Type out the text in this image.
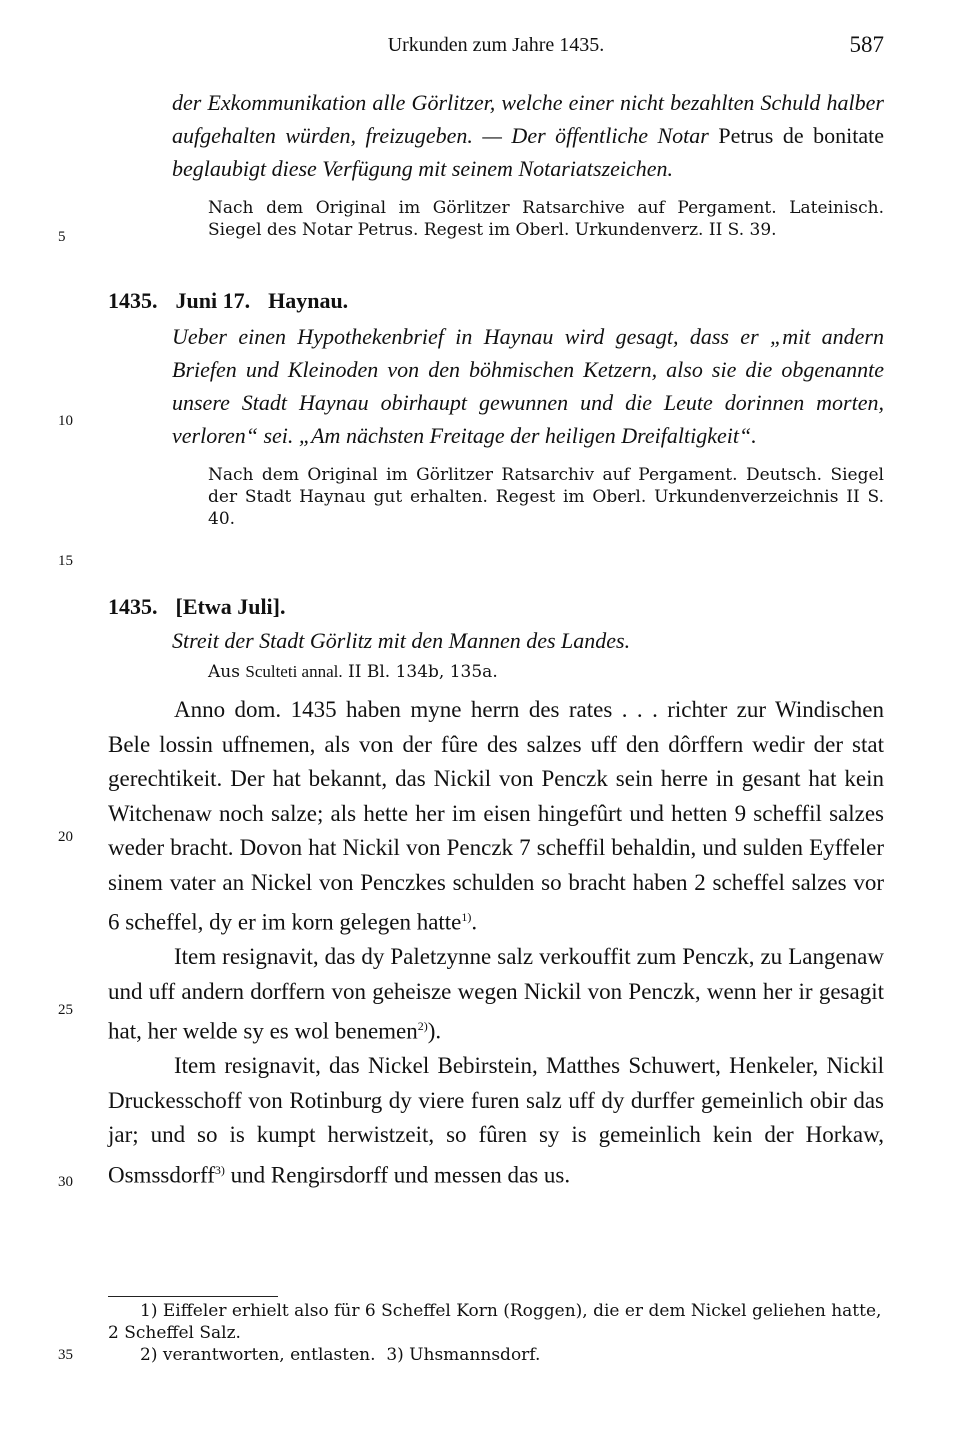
Urkunden zum Jahre 1435.	587
5
10
15
20
25
30
35

der Exkommunikation alle Görlitzer, welche einer nicht bezahlten Schuld halber aufgehalten würden, freizugeben. — Der öffentliche Notar Petrus de bonitate beglaubigt diese Verfügung mit seinem Notariatszeichen.

Nach dem Original im Görlitzer Ratsarchive auf Pergament. Lateinisch. Siegel des Notar Petrus. Regest im Oberl. Urkundenverz. II S. 39.

1435. Juni 17. Haynau.

Ueber einen Hypothekenbrief in Haynau wird gesagt, dass er „mit andern Briefen und Kleinoden von den böhmischen Ketzern, also sie die obgenannte unsere Stadt Haynau obirhaupt gewunnen und die Leute dorinnen morten, verloren“ sei. „Am nächsten Freitage der heiligen Dreifaltigkeit“.

Nach dem Original im Görlitzer Ratsarchiv auf Pergament. Deutsch. Siegel der Stadt Haynau gut erhalten. Regest im Oberl. Urkundenverzeichnis II S. 40.

1435. [Etwa Juli].

Streit der Stadt Görlitz mit den Mannen des Landes.

Aus Sculteti annal. II Bl. 134b, 135a.

Anno dom. 1435 haben myne herrn des rates . . . richter zur Windischen Bele lossin uffnemen, als von der fûre des salzes uff den dôrffern wedir der stat gerechtikeit. Der hat bekannt, das Nickil von Penczk sein herre in gesant hat kein Witchenaw noch salze; als hette her im eisen hingefûrt und hetten 9 scheffil salzes weder bracht. Dovon hat Nickil von Penczk 7 scheffil behaldin, und sulden Eyffeler sinem vater an Nickel von Penczkes schulden so bracht haben 2 scheffel salzes vor 6 scheffel, dy er im korn gelegen hatte$^{1)}$.

Item resignavit, das dy Paletzynne salz verkouffit zum Penczk, zu Langenaw und uff andern dorffern von geheisze wegen Nickil von Penczk, wenn her ir gesagit hat, her welde sy es wol benemen$^{2)}$).

Item resignavit, das Nickel Bebirstein, Matthes Schuwert, Henkeler, Nickil Druckesschoff von Rotinburg dy viere furen salz uff dy durffer gemeinlich obir das jar; und so is kumpt herwistzeit, so fûren sy is gemeinlich kein der Horkaw, Osmssdorff$^{3)}$ und Rengirsdorff und messen das us.

1) Eiffeler erhielt also für 6 Scheffel Korn (Roggen), die er dem Nickel geliehen hatte, 2 Scheffel Salz.

2) verantworten, entlasten. 3) Uhsmannsdorf.
